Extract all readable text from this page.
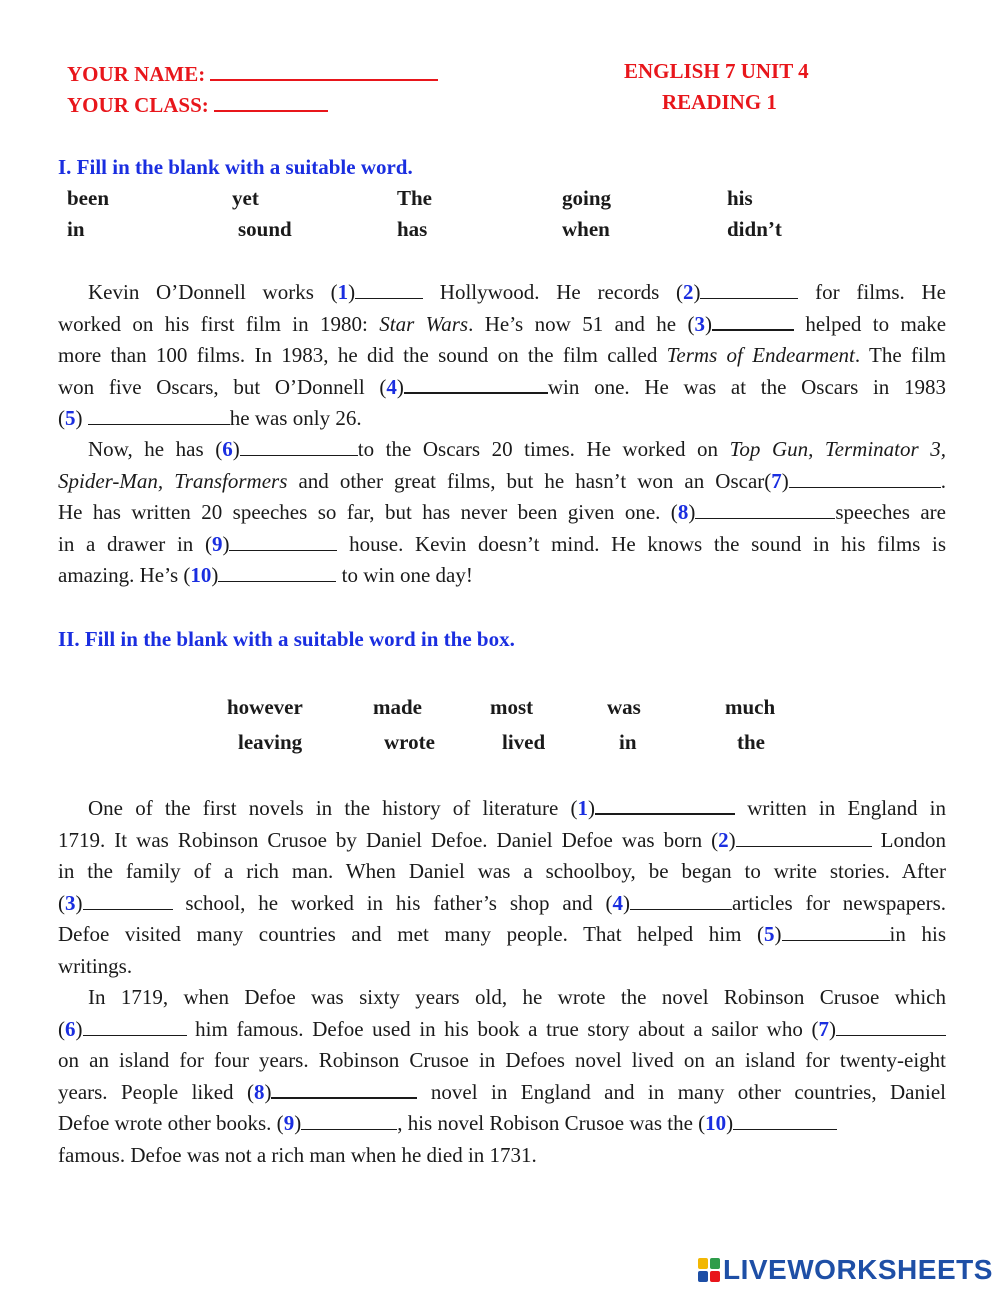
YOUR NAME:
YOUR CLASS:
ENGLISH 7 UNIT 4
READING 1
I. Fill in the blank with a suitable word.
been	yet	The	going	his
in	sound	has	when	didn’t
Kevin O’Donnell works (1)	Hollywood. He records (2)	for films. He
worked on his first film in 1980: Star Wars. He’s now 51 and he (3)	helped to make
more than 100 films. In 1983, he did the sound on the film called Terms of Endearment. The film
won five Oscars, but O’Donnell (4)	win one. He was at the Oscars in 1983
(5)	he was only 26.
Now, he has (6)	to the Oscars 20 times. He worked on Top Gun, Terminator 3,
Spider-Man, Transformers and other great films, but he hasn’t won an Oscar(7)	.
He has written 20 speeches so far, but has never been given one. (8)	speeches are
in a drawer in (9)	house. Kevin doesn’t mind. He knows the sound in his films is
amazing. He’s (10)	to win one day!
II. Fill in the blank with a suitable word in the box.
however	made	most	was	much
leaving	wrote	lived	in	the
One of the first novels in the history of literature (1)	written in England in
1719. It was Robinson Crusoe by Daniel Defoe. Daniel Defoe was born (2)	London
in the family of a rich man. When Daniel was a schoolboy, be began to write stories. After
(3)	school, he worked in his father’s shop and (4)	articles for newspapers.
Defoe visited many countries and met many people. That helped him (5)	in his
writings.
In 1719, when Defoe was sixty years old, he wrote the novel Robinson Crusoe which
(6)	him famous. Defoe used in his book a true story about a sailor who (7)
on an island for four years. Robinson Crusoe in Defoes novel lived on an island for twenty-eight
years. People liked (8)	novel in England and in many other countries, Daniel
Defoe wrote other books. (9)	, his novel Robison Crusoe was the (10)
famous. Defoe was not a rich man when he died in 1731.
LIVEWORKSHEETS
